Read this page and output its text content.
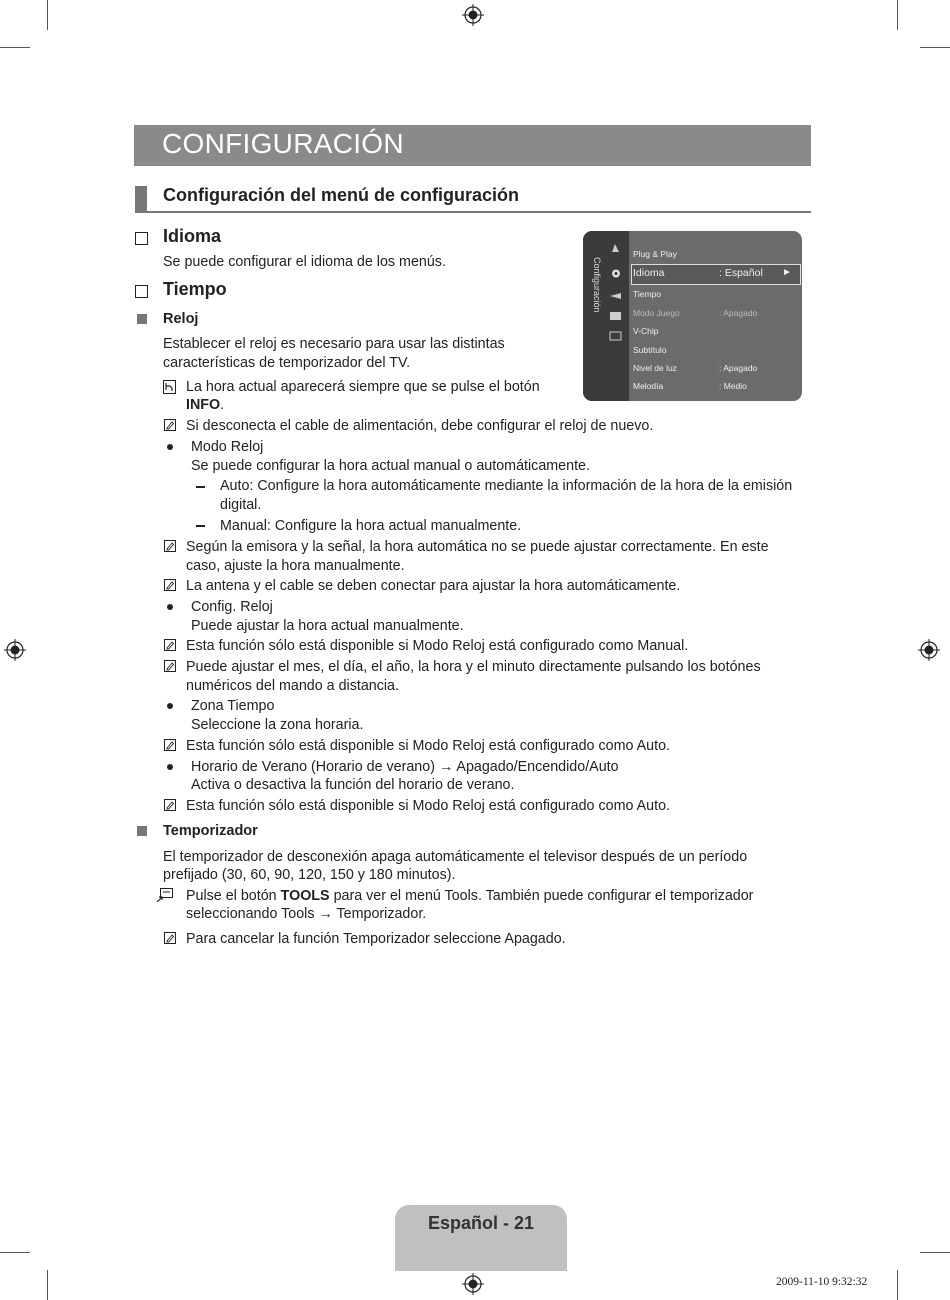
CONFIGURACIÓN
Configuración del menú de configuración
Idioma
Se puede configurar el idioma de los menús.
Tiempo
Reloj
Establecer el reloj es necesario para usar las distintas
características de temporizador del TV.
La hora actual aparecerá siempre que se pulse el botón
INFO.
Si desconecta el cable de alimentación, debe configurar el reloj de nuevo.
Modo Reloj
Se puede configurar la hora actual manual o automáticamente.
Auto: Configure la hora automáticamente mediante la información de la hora de la emisión
digital.
Manual: Configure la hora actual manualmente.
Según la emisora y la señal, la hora automática no se puede ajustar correctamente. En este
caso, ajuste la hora manualmente.
La antena y el cable se deben conectar para ajustar la hora automáticamente.
Config. Reloj
Puede ajustar la hora actual manualmente.
Esta función sólo está disponible si Modo Reloj está configurado como Manual.
Puede ajustar el mes, el día, el año, la hora y el minuto directamente pulsando los botónes
numéricos del mando a distancia.
Zona Tiempo
Seleccione la zona horaria.
Esta función sólo está disponible si Modo Reloj está configurado como Auto.
Horario de Verano (Horario de verano) → Apagado/Encendido/Auto
Activa o desactiva la función del horario de verano.
Esta función sólo está disponible si Modo Reloj está configurado como Auto.
Temporizador
El temporizador de desconexión apaga automáticamente el televisor después de un período
prefijado (30, 60, 90, 120, 150 y 180 minutos).
Pulse el botón TOOLS para ver el menú Tools. También puede configurar el temporizador
seleccionando Tools → Temporizador.
Para cancelar la función Temporizador seleccione Apagado.
Configuración
Plug & Play
Idioma	: Español ►
Tiempo
Modo Juego	: Apagado
V-Chip
Subtítulo
Nivel de luz	: Apagado
Melodía	: Medio
Español - 21
2009-11-10 9:32:32
